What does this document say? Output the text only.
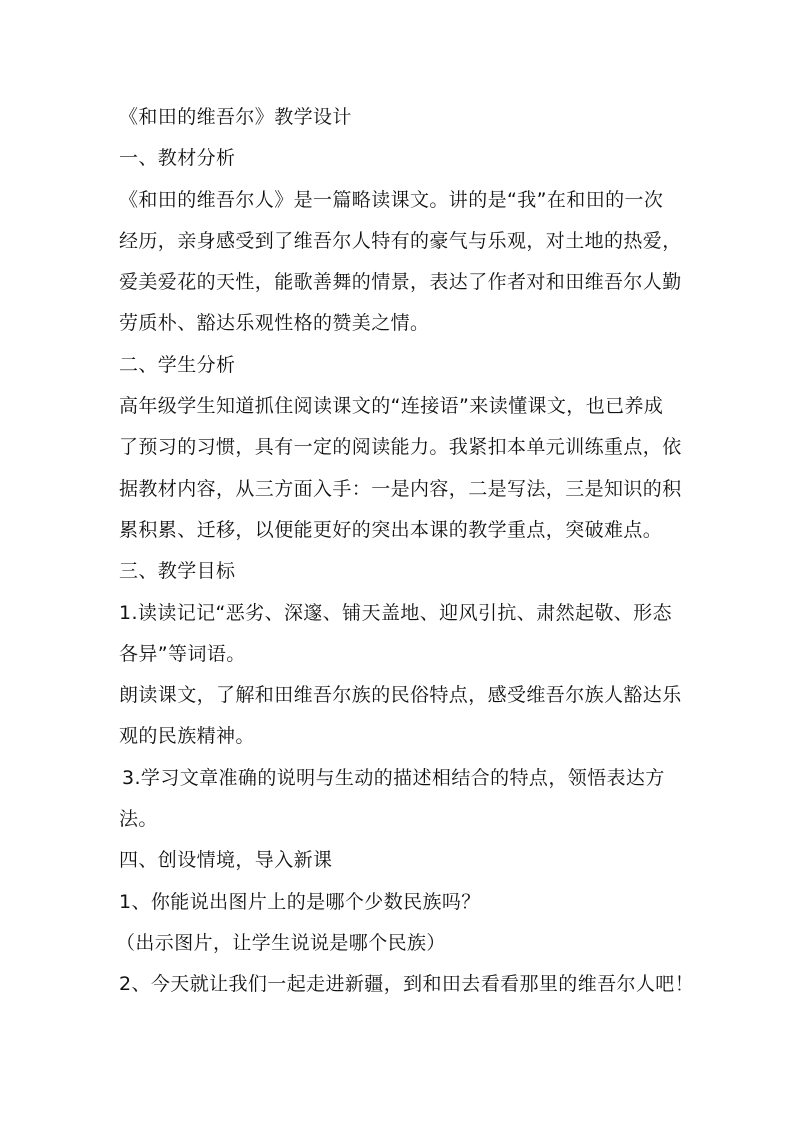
《和田的维吾尔》教学设计
一、教材分析
《和田的维吾尔人》是一篇略读课文。讲的是“我”在和田的一次
经历，亲身感受到了维吾尔人特有的豪气与乐观，对土地的热爱，
爱美爱花的天性，能歌善舞的情景，表达了作者对和田维吾尔人勤
劳质朴、豁达乐观性格的赞美之情。
二、学生分析
高年级学生知道抓住阅读课文的“连接语”来读懂课文，也已养成
了预习的习惯，具有一定的阅读能力。我紧扣本单元训练重点，依
据教材内容，从三方面入手：一是内容，二是写法，三是知识的积
累积累、迁移，以便能更好的突出本课的教学重点，突破难点。
三、教学目标
1.读读记记“恶劣、深邃、铺天盖地、迎风引抗、肃然起敬、形态
各异”等词语。
朗读课文，了解和田维吾尔族的民俗特点，感受维吾尔族人豁达乐
观的民族精神。
3.学习文章准确的说明与生动的描述相结合的特点，领悟表达方
法。
四、创设情境，导入新课
1、你能说出图片上的是哪个少数民族吗？
（出示图片，让学生说说是哪个民族）
2、今天就让我们一起走进新疆，到和田去看看那里的维吾尔人吧！
